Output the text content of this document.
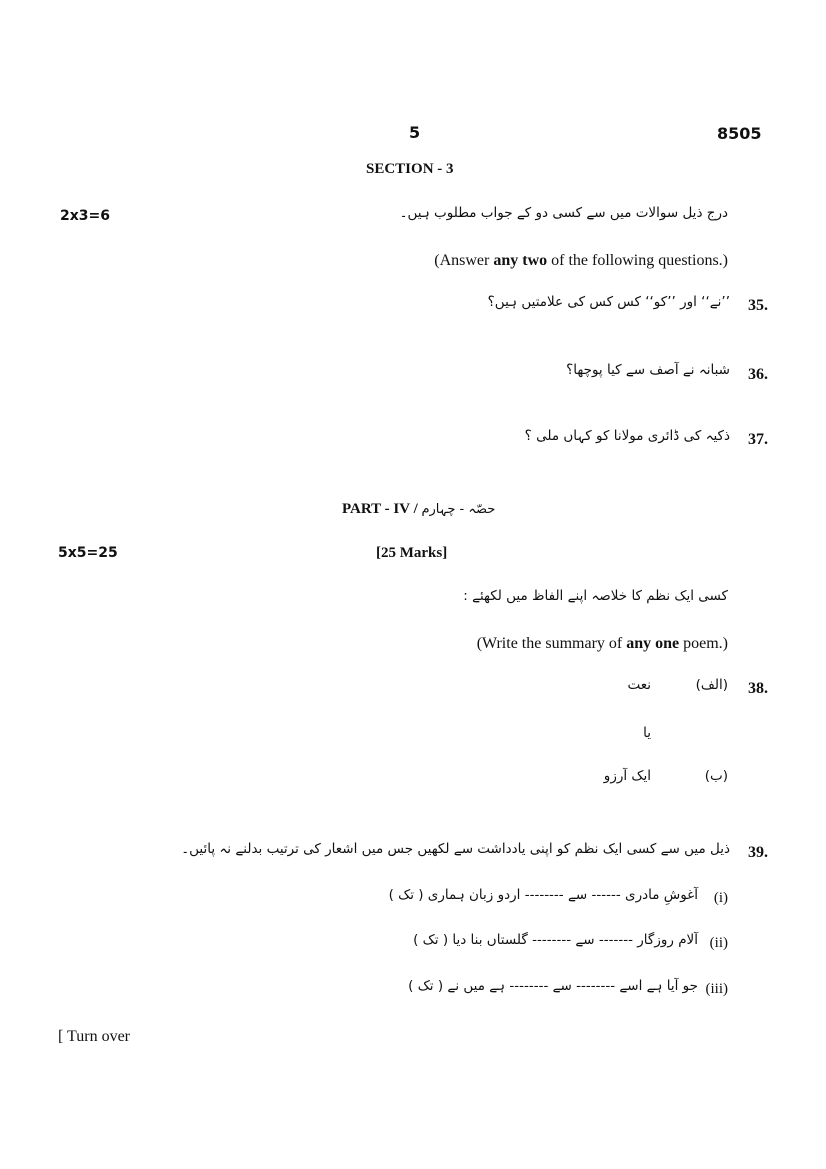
5	8505
SECTION - 3
2x3=6	درج ذیل سوالات میں سے کسی دو کے جواب مطلوب ہیں۔
(Answer any two of the following questions.)
35.
’’نے‘‘ اور ’’کو‘‘ کس کس کی علامتیں ہیں؟
36.
شبانہ نے آصف سے کیا پوچھا؟
37.
ذکیہ کی ڈائری مولانا کو کہاں ملی ؟
PART - IV / حصّہ - چہارم
5x5=25	[25 Marks]
کسی ایک نظم کا خلاصہ اپنے الفاظ میں لکھئے :
(Write the summary of any one poem.)
38.
(الف)
نعت
یا
(ب)
ایک آرزو
39.
ذیل میں سے کسی ایک نظم کو اپنی یادداشت سے لکھیں جس میں اشعار کی ترتیب بدلنے نہ پائیں۔
(i)
آغوشِ مادری ------ سے -------- اردو زبان ہماری ( تک )
(ii)
آلام روزگار ------- سے -------- گلستاں بنا دیا ( تک )
(iii)
جو آیا ہے اسے -------- سے -------- ہے میں نے ( تک )
[ Turn over
